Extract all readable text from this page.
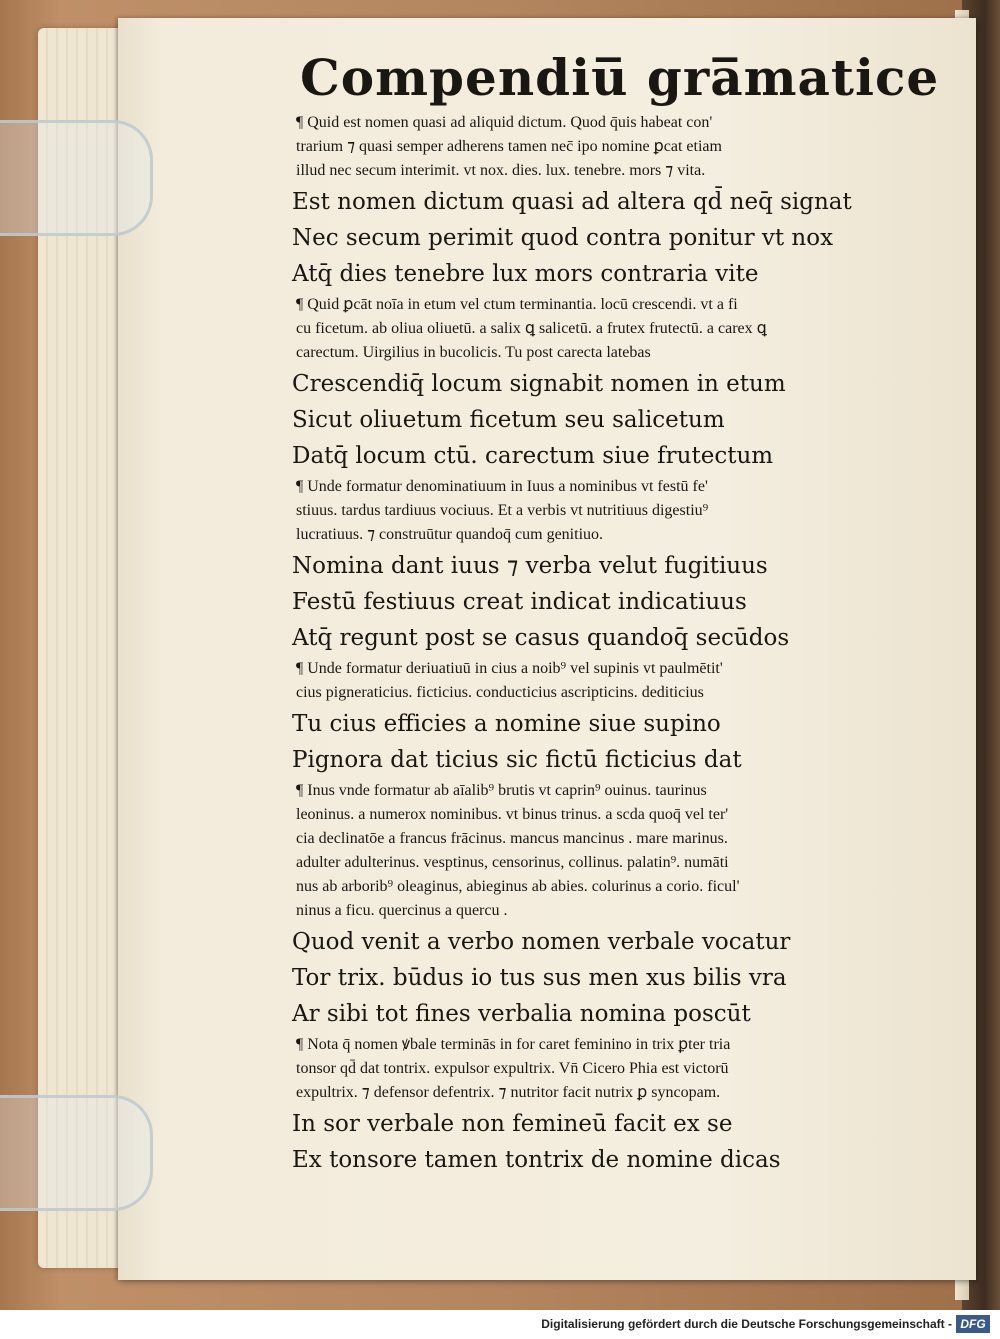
Compendiu̅ gra̅matice
¶ Quid est nomen quasi ad aliquid dictum. Quod q̄uis habeat con'
trarium ⁊ quasi semper adherens tamen nec̄ ipo nomine ꝑcat etiam
illud nec secum interimit. vt nox. dies. lux. tenebre. mors ⁊ vita.
Est nomen dictum quasi ad altera qd̄ neq̄ signat
Nec secum perimit quod contra ponitur vt nox
Atq̄ dies tenebre lux mors contraria vite
¶ Quid ꝑcāt noīa in etum vel ctum terminantia. locū crescendi. vt a fi
cu ficetum. ab oliua oliuetū. a salix ꝗ salicetū. a frutex frutectū. a carex ꝗ
carectum. Uirgilius in bucolicis. Tu post carecta latebas
Crescendiq̄ locum signabit nomen in etum
Sicut oliuetum ficetum seu salicetum
Datq̄ locum ctū. carectum siue frutectum
¶ Unde formatur denominatiuum in Iuus a nominibus vt festū fe'
stiuus. tardus tardiuus vociuus. Et a verbis vt nutritiuus digestiu⁹
lucratiuus. ⁊ construūtur quandoq̄ cum genitiuo.
Nomina dant iuus ⁊ verba velut fugitiuus
Festū festiuus creat indicat indicatiuus
Atq̄ regunt post se casus quandoq̄ secūdos
¶ Unde formatur deriuatiuū in cius a noib⁹ vel supinis vt paulmētit'
cius pigneraticius. ficticius. conducticius ascripticins. dediticius
Tu cius efficies a nomine siue supino
Pignora dat ticius sic fictū ficticius dat
¶ Inus vnde formatur ab aīalib⁹ brutis vt caprin⁹ ouinus. taurinus
leoninus. a numerox nominibus. vt binus trinus. a scda quoq̄ vel ter'
cia declinatōe a francus frācinus. mancus mancinus . mare marinus.
adulter adulterinus. vesptinus, censorinus, collinus. palatin⁹. numāti
nus ab arborib⁹ oleaginus, abieginus ab abies. colurinus a corio. ficul'
ninus a ficu. quercinus a quercu .
Quod venit a verbo nomen verbale vocatur
Tor trix. būdus io tus sus men xus bilis vra
Ar sibi tot fines verbalia nomina poscūt
¶ Nota q̄ nomen ꝟbale terminās in for caret feminino in trix ꝑter tria
tonsor qd̄ dat tontrix. expulsor expultrix. Vn̄ Cicero Phia est victorū
expultrix. ⁊ defensor defentrix. ⁊ nutritor facit nutrix ꝑ syncopam.
In sor verbale non femineū facit ex se
Ex tonsore tamen tontrix de nomine dicas
Digitalisierung gefördert durch die Deutsche Forschungsgemeinschaft - DFG
